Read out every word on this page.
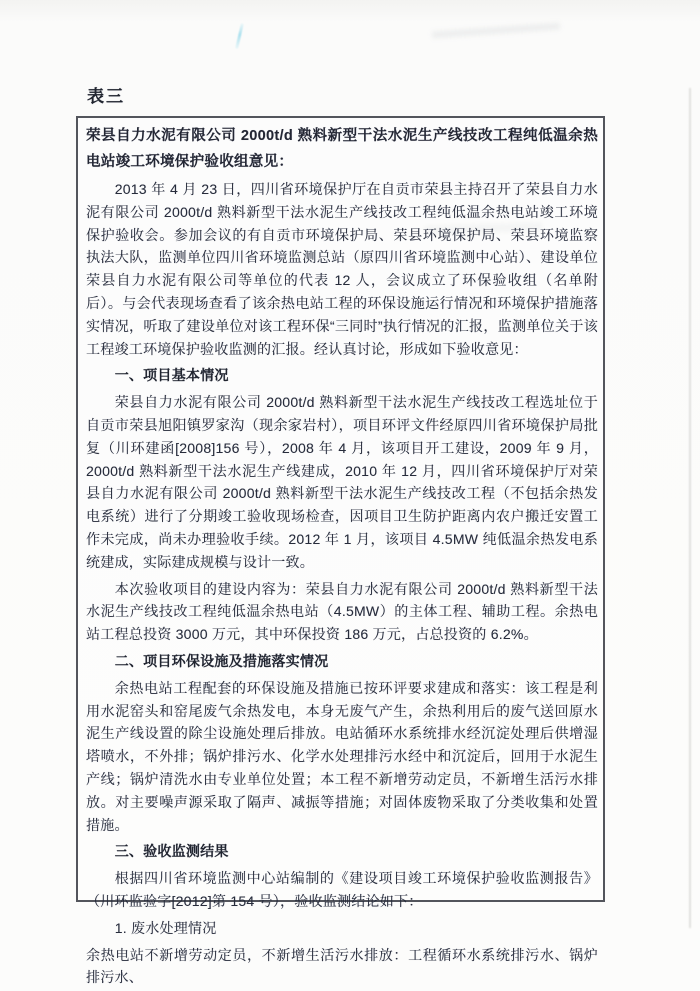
表三
荣县自力水泥有限公司 2000t/d 熟料新型干法水泥生产线技改工程纯低温余热电站竣工环境保护验收组意见：
2013 年 4 月 23 日，四川省环境保护厅在自贡市荣县主持召开了荣县自力水泥有限公司 2000t/d 熟料新型干法水泥生产线技改工程纯低温余热电站竣工环境保护验收会。参加会议的有自贡市环境保护局、荣县环境保护局、荣县环境监察执法大队，监测单位四川省环境监测总站（原四川省环境监测中心站）、建设单位荣县自力水泥有限公司等单位的代表 12 人，会议成立了环保验收组（名单附后）。与会代表现场查看了该余热电站工程的环保设施运行情况和环境保护措施落实情况，听取了建设单位对该工程环保“三同时”执行情况的汇报，监测单位关于该工程竣工环境保护验收监测的汇报。经认真讨论，形成如下验收意见：
一、项目基本情况
荣县自力水泥有限公司 2000t/d 熟料新型干法水泥生产线技改工程选址位于自贡市荣县旭阳镇罗家沟（现余家岩村），项目环评文件经原四川省环境保护局批复（川环建函[2008]156 号），2008 年 4 月，该项目开工建设，2009 年 9 月，2000t/d 熟料新型干法水泥生产线建成，2010 年 12 月，四川省环境保护厅对荣县自力水泥有限公司 2000t/d 熟料新型干法水泥生产线技改工程（不包括余热发电系统）进行了分期竣工验收现场检查，因项目卫生防护距离内农户搬迁安置工作未完成，尚未办理验收手续。2012 年 1 月，该项目 4.5MW 纯低温余热发电系统建成，实际建成规模与设计一致。
本次验收项目的建设内容为：荣县自力水泥有限公司 2000t/d 熟料新型干法水泥生产线技改工程纯低温余热电站（4.5MW）的主体工程、辅助工程。余热电站工程总投资 3000 万元，其中环保投资 186 万元，占总投资的 6.2%。
二、项目环保设施及措施落实情况
余热电站工程配套的环保设施及措施已按环评要求建成和落实：该工程是利用水泥窑头和窑尾废气余热发电，本身无废气产生，余热利用后的废气送回原水泥生产线设置的除尘设施处理后排放。电站循环水系统排水经沉淀处理后供增湿塔喷水，不外排；锅炉排污水、化学水处理排污水经中和沉淀后，回用于水泥生产线；锅炉清洗水由专业单位处置；本工程不新增劳动定员，不新增生活污水排放。对主要噪声源采取了隔声、减振等措施；对固体废物采取了分类收集和处置措施。
三、验收监测结果
根据四川省环境监测中心站编制的《建设项目竣工环境保护验收监测报告》（川环监验字[2012]第 154 号），验收监测结论如下：
1. 废水处理情况
余热电站不新增劳动定员，不新增生活污水排放：工程循环水系统排污水、锅炉排污水、
